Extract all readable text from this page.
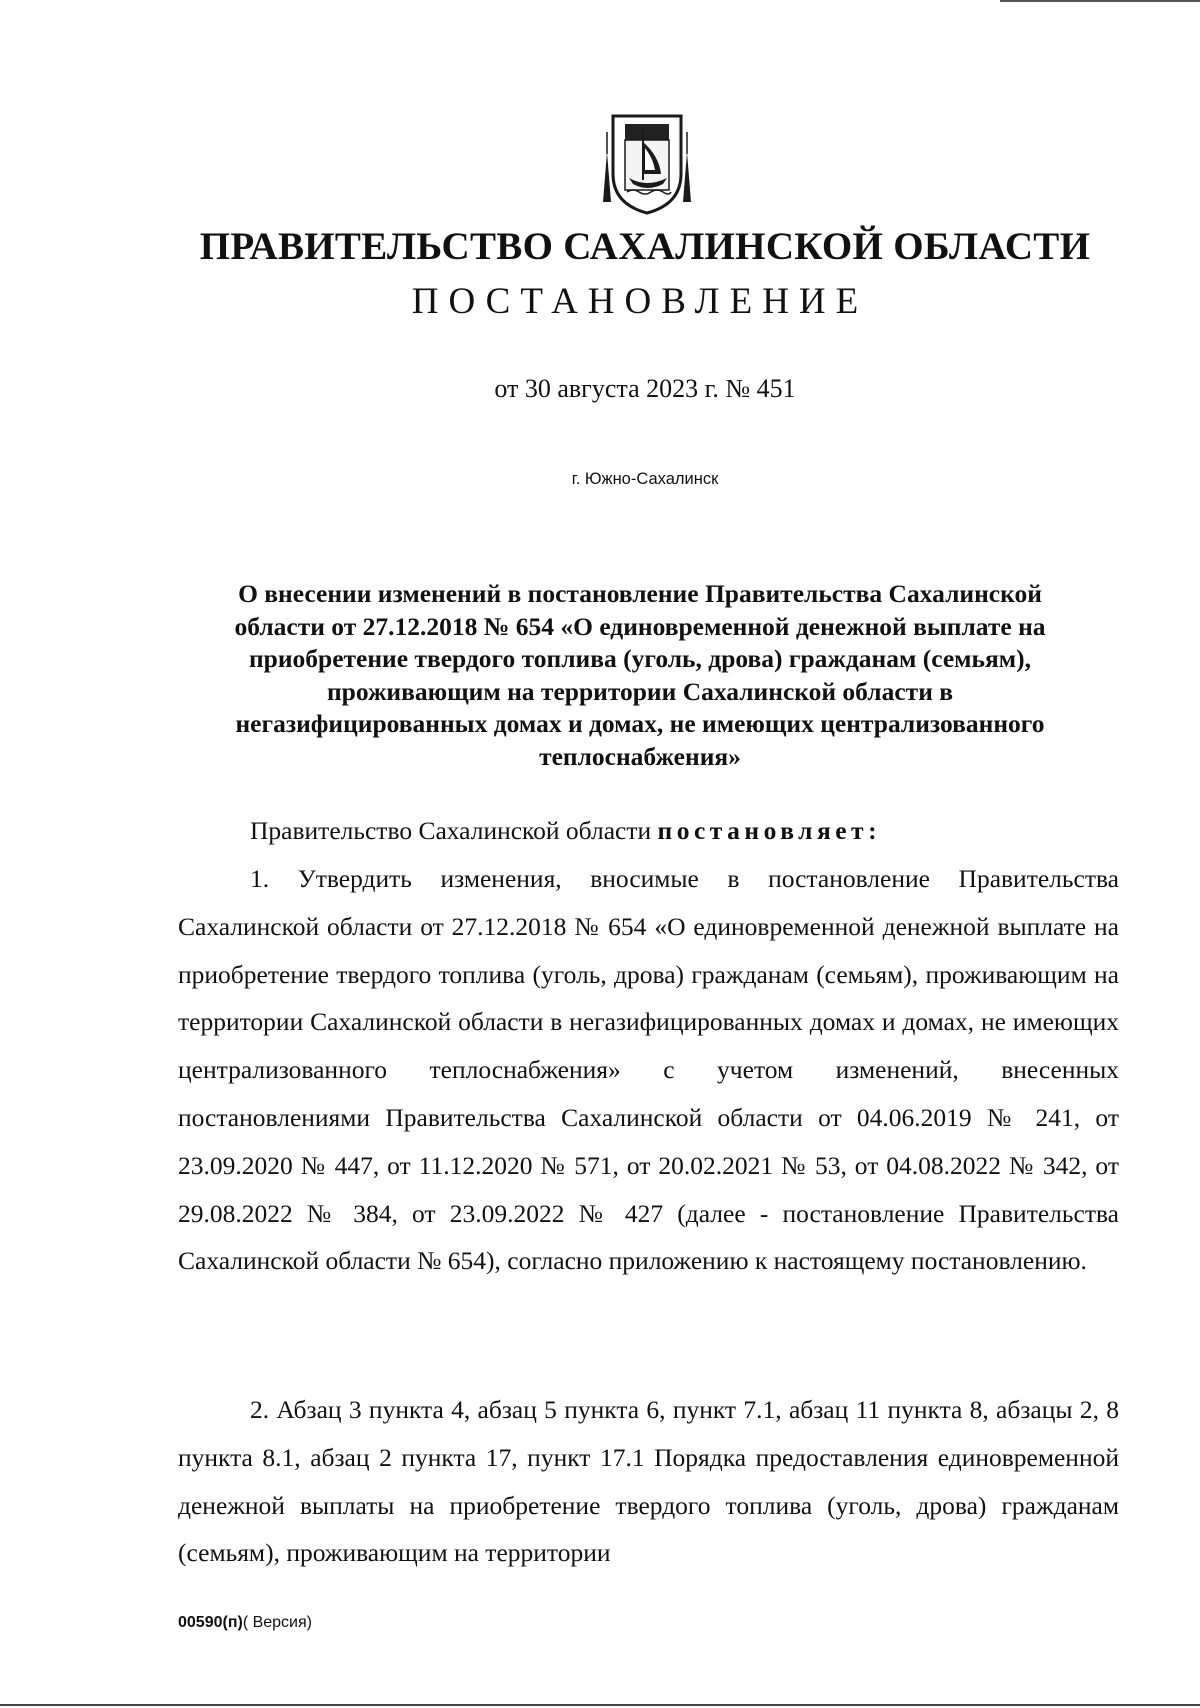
ПРАВИТЕЛЬСТВО САХАЛИНСКОЙ ОБЛАСТИ
ПОСТАНОВЛЕНИЕ
от 30 августа 2023 г. № 451
г. Южно-Сахалинск
О внесении изменений в постановление Правительства Сахалинской
области от 27.12.2018 № 654 «О единовременной денежной выплате на
приобретение твердого топлива (уголь, дрова) гражданам (семьям),
проживающим на территории Сахалинской области в
негазифицированных домах и домах, не имеющих централизованного
теплоснабжения»
Правительство Сахалинской области постановляет:
1. Утвердить изменения, вносимые в постановление Правительства Сахалинской области от 27.12.2018 № 654 «О единовременной денежной выплате на приобретение твердого топлива (уголь, дрова) гражданам (семьям), проживающим на территории Сахалинской области в негазифицированных домах и домах, не имеющих централизованного теплоснабжения» с учетом изменений, внесенных постановлениями Правительства Сахалинской области от 04.06.2019 № 241, от 23.09.2020 № 447, от 11.12.2020 № 571, от 20.02.2021 № 53, от 04.08.2022 № 342, от 29.08.2022 № 384, от 23.09.2022 № 427 (далее - постановление Правительства Сахалинской области № 654), согласно приложению к настоящему постановлению.
2. Абзац 3 пункта 4, абзац 5 пункта 6, пункт 7.1, абзац 11 пункта 8, абзацы 2, 8 пункта 8.1, абзац 2 пункта 17, пункт 17.1 Порядка предоставления единовременной денежной выплаты на приобретение твердого топлива (уголь, дрова) гражданам (семьям), проживающим на территории
00590(п)( Версия)
